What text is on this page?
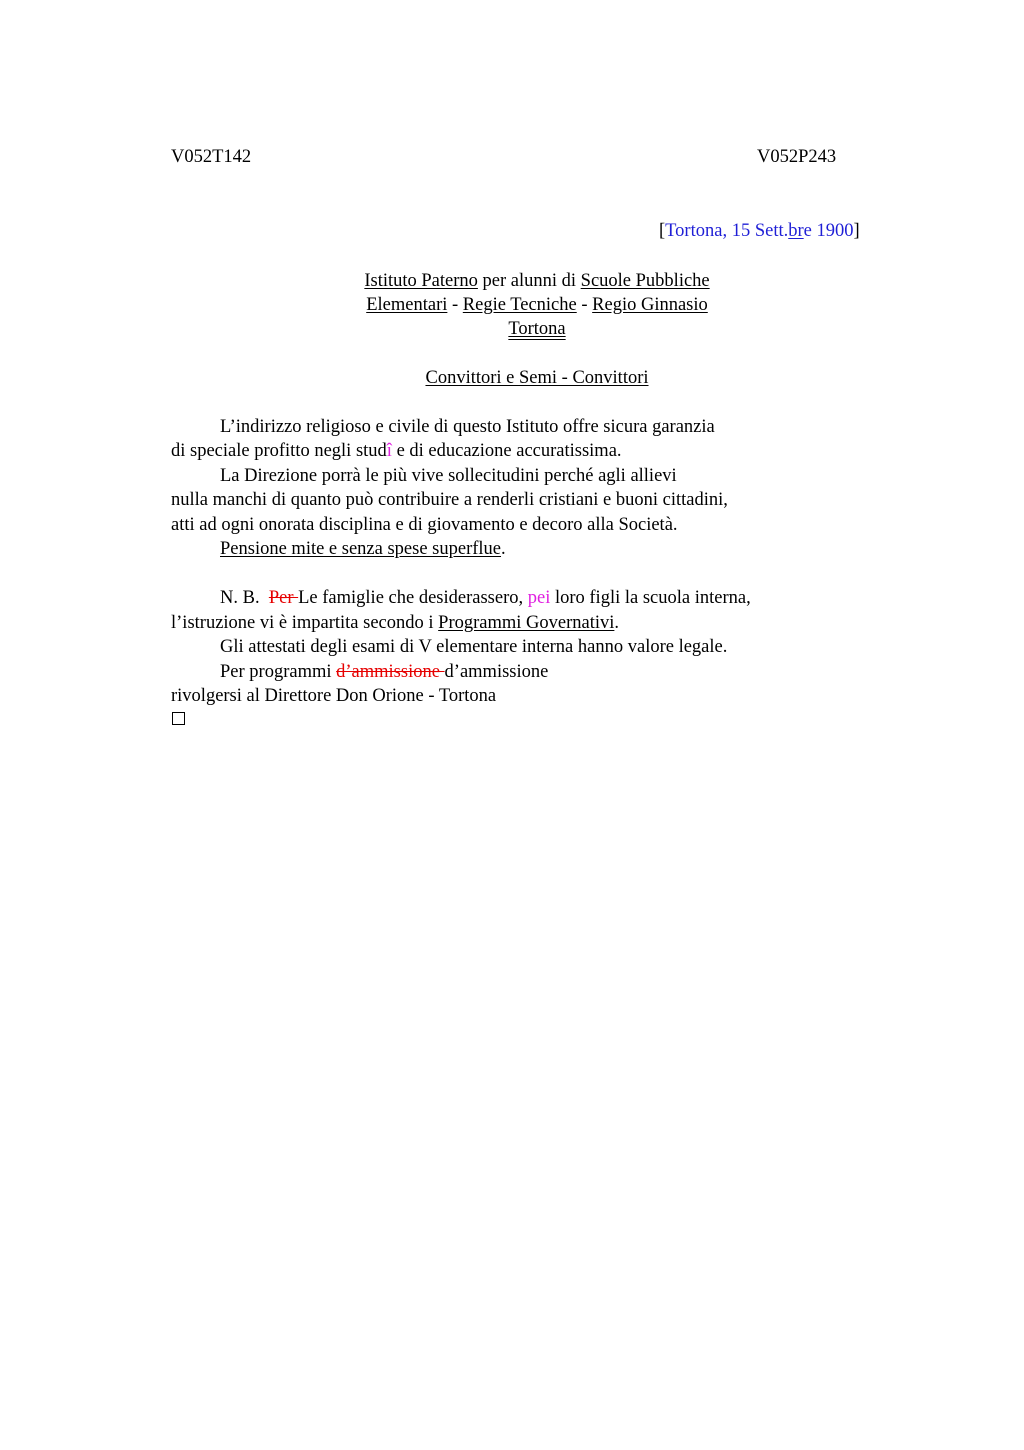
V052T142	V052P243
[Tortona, 15 Sett.bre 1900]
Istituto Paterno per alunni di Scuole Pubbliche
Elementari - Regie Tecniche - Regio Ginnasio
Tortona
Convittori e Semi - Convittori
L’indirizzo religioso e civile di questo Istituto offre sicura garanzia
di speciale profitto negli studî e di educazione accuratissima.
La Direzione porrà le più vive sollecitudini perché agli allievi
nulla manchi di quanto può contribuire a renderli cristiani e buoni cittadini,
atti ad ogni onorata disciplina e di giovamento e decoro alla Società.
Pensione mite e senza spese superflue.
N. B.  Per Le famiglie che desiderassero, pei loro figli la scuola interna,
l’istruzione vi è impartita secondo i Programmi Governativi.
Gli attestati degli esami di V elementare interna hanno valore legale.
Per programmi d’ammissione d’ammissione
rivolgersi al Direttore Don Orione - Tortona
